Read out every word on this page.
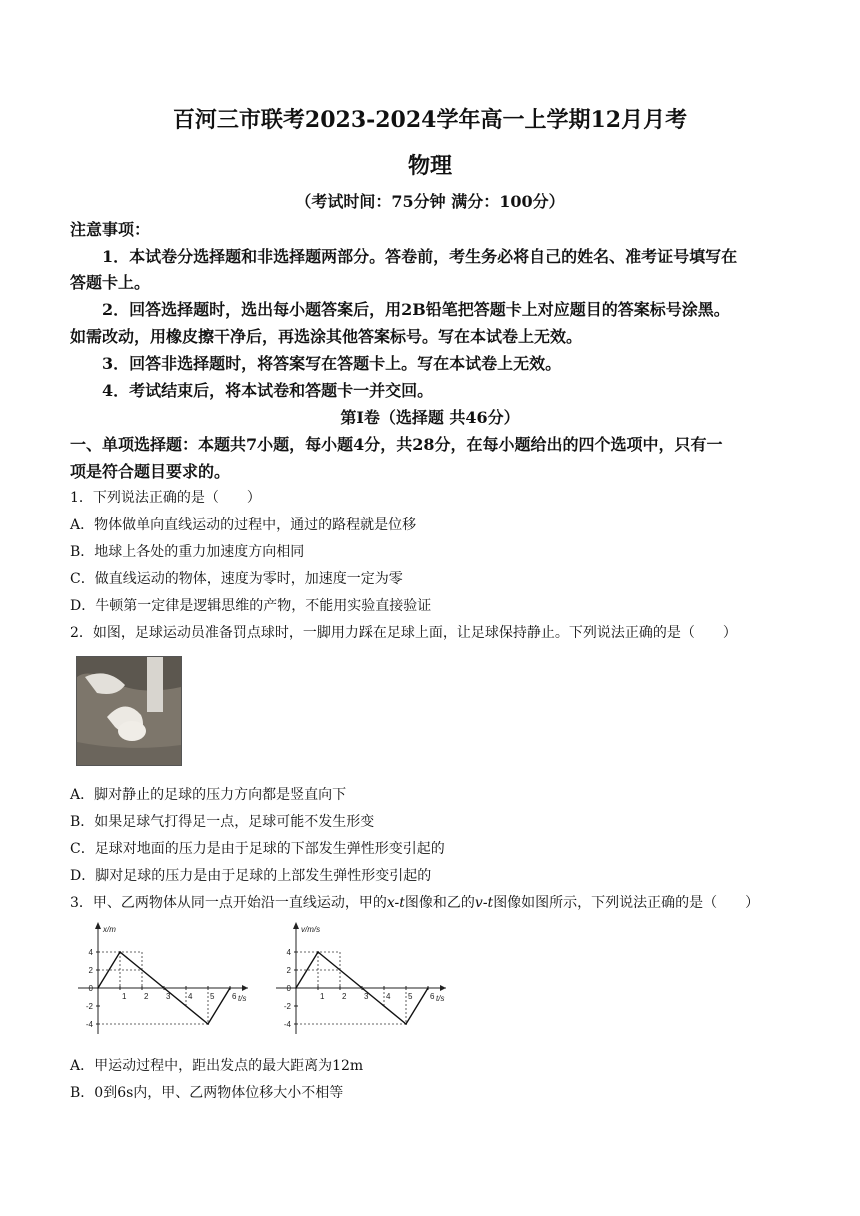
百河三市联考2023-2024学年高一上学期12月月考
物理
（考试时间：75分钟 满分：100分）
注意事项：
1．本试卷分选择题和非选择题两部分。答卷前，考生务必将自己的姓名、准考证号填写在
答题卡上。
2．回答选择题时，选出每小题答案后，用2B铅笔把答题卡上对应题目的答案标号涂黑。
如需改动，用橡皮擦干净后，再选涂其他答案标号。写在本试卷上无效。
3．回答非选择题时，将答案写在答题卡上。写在本试卷上无效。
4．考试结束后，将本试卷和答题卡一并交回。
第Ⅰ卷（选择题 共46分）
一、单项选择题：本题共7小题，每小题4分，共28分，在每小题给出的四个选项中，只有一
项是符合题目要求的。
1．下列说法正确的是（　　）
A．物体做单向直线运动的过程中，通过的路程就是位移
B．地球上各处的重力加速度方向相同
C．做直线运动的物体，速度为零时，加速度一定为零
D．牛顿第一定律是逻辑思维的产物，不能用实验直接验证
2．如图，足球运动员准备罚点球时，一脚用力踩在足球上面，让足球保持静止。下列说法正确的是（　　）
A．脚对静止的足球的压力方向都是竖直向下
B．如果足球气打得足一点，足球可能不发生形变
C．足球对地面的压力是由于足球的下部发生弹性形变引起的
D．脚对足球的压力是由于足球的上部发生弹性形变引起的
3．甲、乙两物体从同一点开始沿一直线运动，甲的x-t图像和乙的v-t图像如图所示，下列说法正确的是（　　）
x/m
t/s
4
2
0
-2
-4
1 2 3 4 5 6
v/m/s
t/s
4
2
0
-2
-4
1 2 3 4 5 6
A．甲运动过程中，距出发点的最大距离为12m
B．0到6s内，甲、乙两物体位移大小不相等
